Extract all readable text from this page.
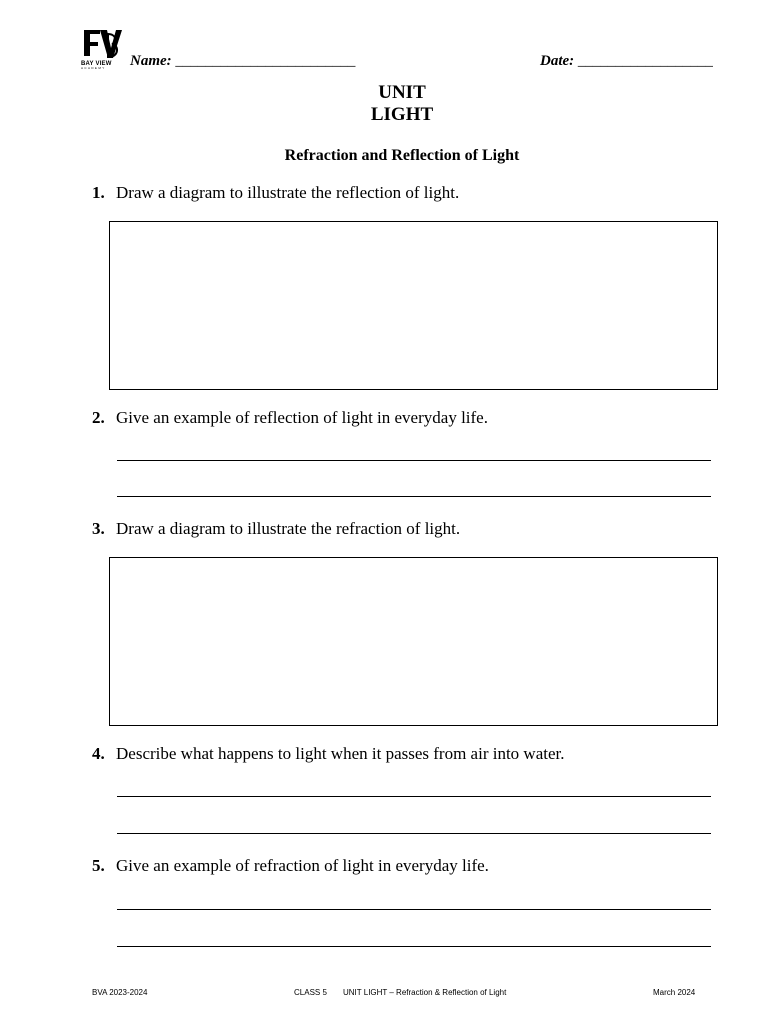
BAY VIEW
ACADEMY	Name: ________________________	Date: __________________
UNIT
LIGHT
Refraction and Reflection of Light
1. Draw a diagram to illustrate the reflection of light.
2. Give an example of reflection of light in everyday life.
3. Draw a diagram to illustrate the refraction of light.
4. Describe what happens to light when it passes from air into water.
5. Give an example of refraction of light in everyday life.
BVA 2023-2024	CLASS 5 UNIT LIGHT – Refraction & Reflection of Light	March 2024
